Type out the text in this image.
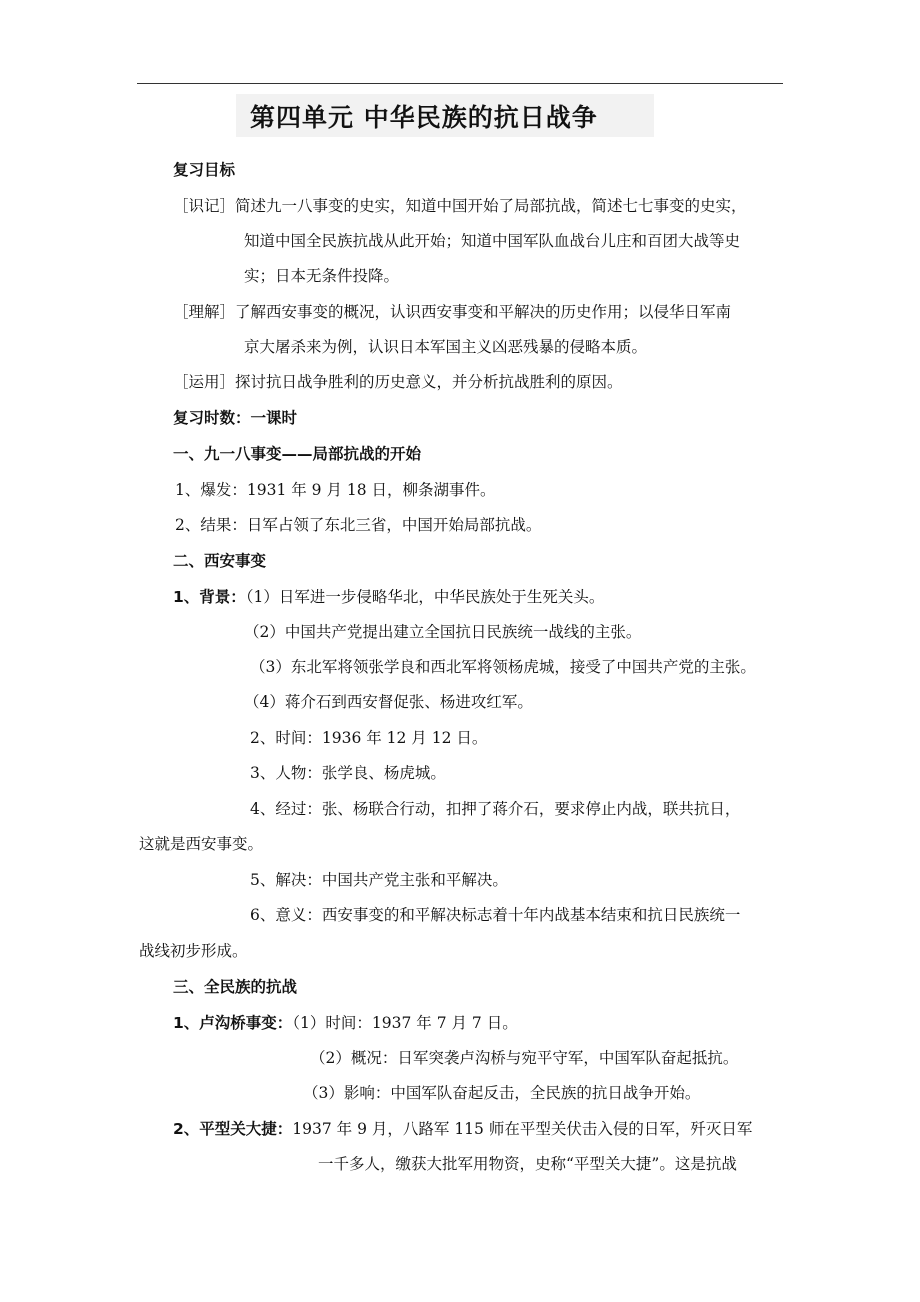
第四单元 中华民族的抗日战争
复习目标
［识记］简述九一八事变的史实，知道中国开始了局部抗战，简述七七事变的史实，
知道中国全民族抗战从此开始；知道中国军队血战台儿庄和百团大战等史
实；日本无条件投降。
［理解］了解西安事变的概况，认识西安事变和平解决的历史作用；以侵华日军南
京大屠杀来为例，认识日本军国主义凶恶残暴的侵略本质。
［运用］探讨抗日战争胜利的历史意义，并分析抗战胜利的原因。
复习时数：一课时
一、九一八事变——局部抗战的开始
1、爆发：1931 年 9 月 18 日，柳条湖事件。
2、结果：日军占领了东北三省，中国开始局部抗战。
二、西安事变
1、背景：（1）日军进一步侵略华北，中华民族处于生死关头。
（2）中国共产党提出建立全国抗日民族统一战线的主张。
（3）东北军将领张学良和西北军将领杨虎城，接受了中国共产党的主张。
（4）蒋介石到西安督促张、杨进攻红军。
2、时间：1936 年 12 月 12 日。
3、人物：张学良、杨虎城。
4、经过：张、杨联合行动，扣押了蒋介石，要求停止内战，联共抗日，
这就是西安事变。
5、解决：中国共产党主张和平解决。
6、意义：西安事变的和平解决标志着十年内战基本结束和抗日民族统一
战线初步形成。
三、全民族的抗战
1、卢沟桥事变：（1）时间：1937 年 7 月 7 日。
（2）概况：日军突袭卢沟桥与宛平守军，中国军队奋起抵抗。
（3）影响：中国军队奋起反击，全民族的抗日战争开始。
2、平型关大捷：1937 年 9 月，八路军 115 师在平型关伏击入侵的日军，歼灭日军
一千多人，缴获大批军用物资，史称“平型关大捷”。这是抗战
